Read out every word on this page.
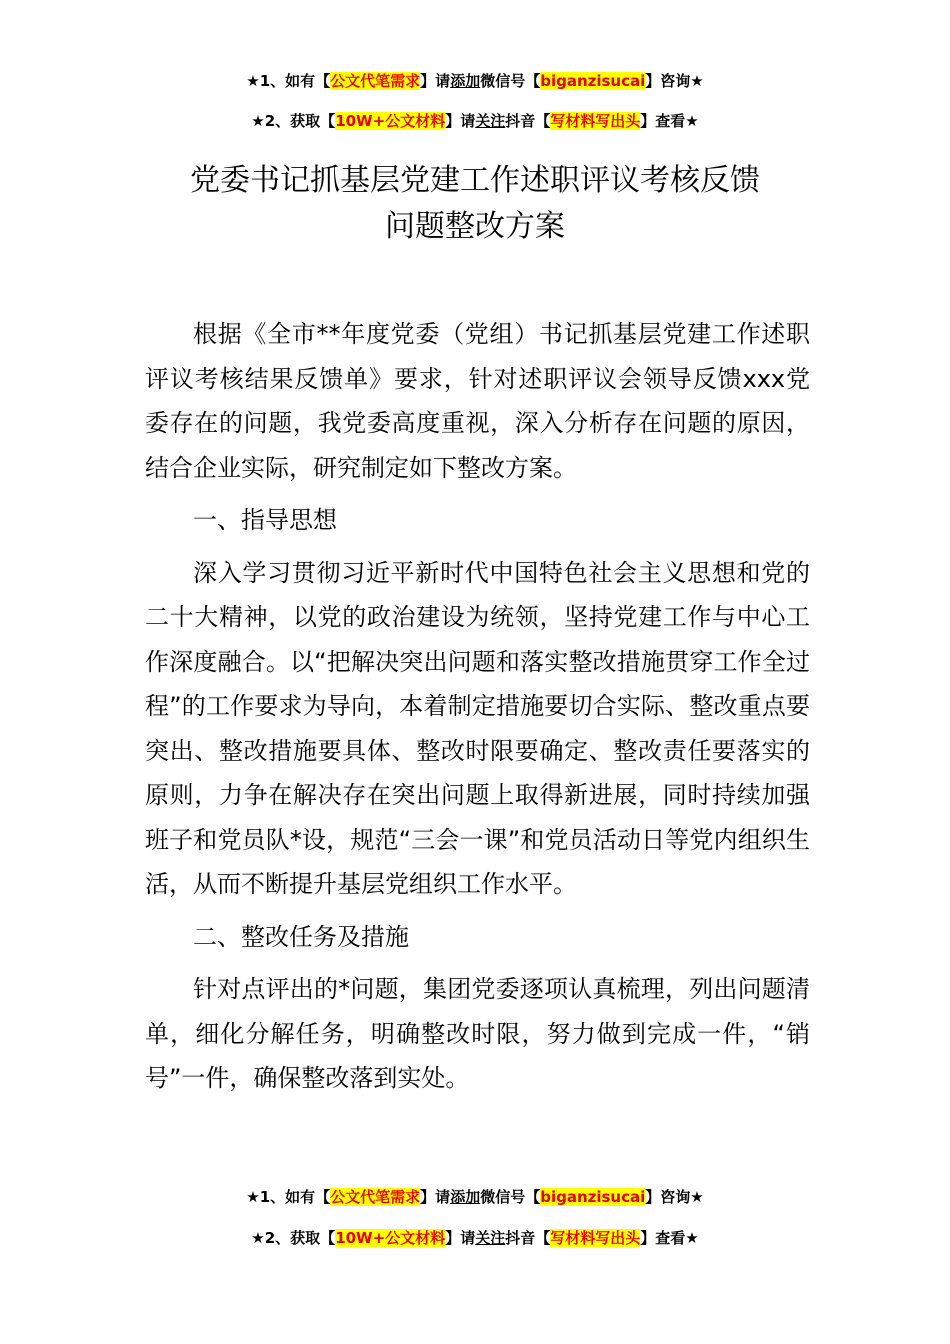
★1、如有【公文代笔需求】请添加微信号【biganzisucai】咨询★
★2、获取【10W+公文材料】请关注抖音【写材料写出头】查看★
党委书记抓基层党建工作述职评议考核反馈
问题整改方案

根据《全市**年度党委（党组）书记抓基层党建工作述职评议考核结果反馈单》要求，针对述职评议会领导反馈xxx党委存在的问题，我党委高度重视，深入分析存在问题的原因，结合企业实际，研究制定如下整改方案。

一、指导思想

深入学习贯彻习近平新时代中国特色社会主义思想和党的二十大精神，以党的政治建设为统领，坚持党建工作与中心工作深度融合。以“把解决突出问题和落实整改措施贯穿工作全过程”的工作要求为导向，本着制定措施要切合实际、整改重点要突出、整改措施要具体、整改时限要确定、整改责任要落实的原则，力争在解决存在突出问题上取得新进展，同时持续加强班子和党员队*设，规范“三会一课”和党员活动日等党内组织生活，从而不断提升基层党组织工作水平。

二、整改任务及措施

针对点评出的*问题，集团党委逐项认真梳理，列出问题清单，细化分解任务，明确整改时限，努力做到完成一件，“销号”一件，确保整改落到实处。

★1、如有【公文代笔需求】请添加微信号【biganzisucai】咨询★
★2、获取【10W+公文材料】请关注抖音【写材料写出头】查看★
